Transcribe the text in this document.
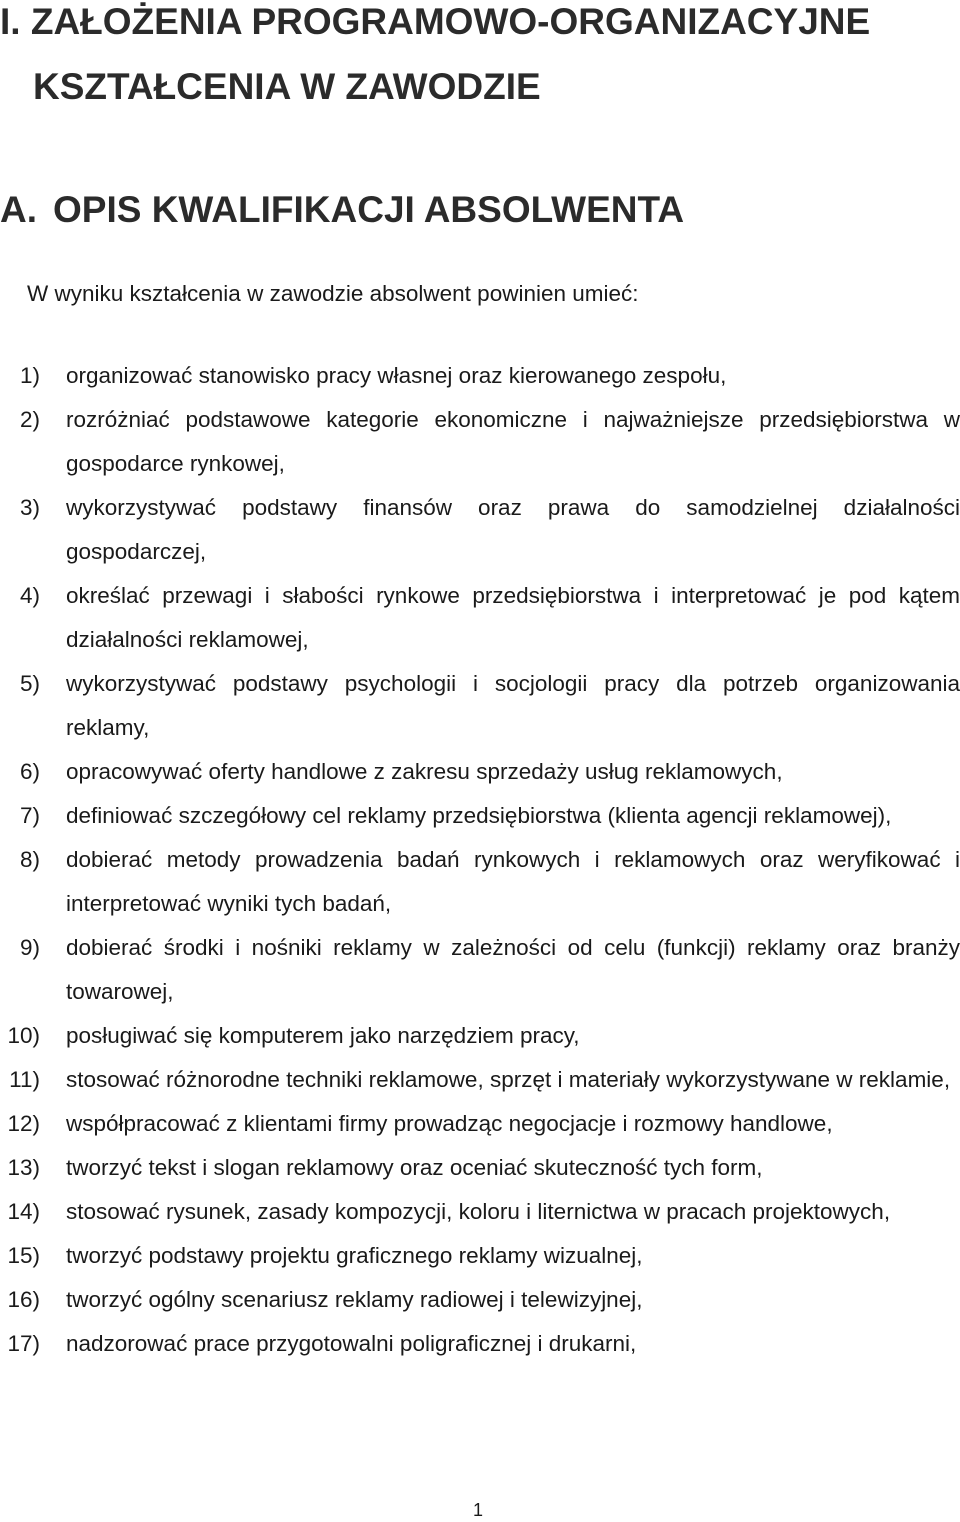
I. ZAŁOŻENIA PROGRAMOWO-ORGANIZACYJNE
KSZTAŁCENIA W ZAWODZIE
A. OPIS KWALIFIKACJI ABSOLWENTA
W wyniku kształcenia w zawodzie absolwent powinien umieć:
1) organizować stanowisko pracy własnej oraz kierowanego zespołu,
2) rozróżniać podstawowe kategorie ekonomiczne i najważniejsze przedsiębiorstwa w gospodarce rynkowej,
3) wykorzystywać podstawy finansów oraz prawa do samodzielnej działalności gospodarczej,
4) określać przewagi i słabości rynkowe przedsiębiorstwa i interpretować je pod kątem działalności reklamowej,
5) wykorzystywać podstawy psychologii i socjologii pracy dla potrzeb organizowania reklamy,
6) opracowywać oferty handlowe z zakresu sprzedaży usług reklamowych,
7) definiować szczegółowy cel reklamy przedsiębiorstwa (klienta agencji reklamowej),
8) dobierać metody prowadzenia badań rynkowych i reklamowych oraz weryfikować i interpretować wyniki tych badań,
9) dobierać środki i nośniki reklamy w zależności od celu (funkcji) reklamy oraz branży towarowej,
10) posługiwać się komputerem jako narzędziem pracy,
11) stosować różnorodne techniki reklamowe, sprzęt i materiały wykorzystywane w reklamie,
12) współpracować z klientami firmy prowadząc negocjacje i rozmowy handlowe,
13) tworzyć tekst i slogan reklamowy oraz oceniać skuteczność tych form,
14) stosować rysunek, zasady kompozycji, koloru i liternictwa w pracach projektowych,
15) tworzyć podstawy projektu graficznego reklamy wizualnej,
16) tworzyć ogólny scenariusz reklamy radiowej i telewizyjnej,
17) nadzorować prace przygotowalni poligraficznej i drukarni,
1
